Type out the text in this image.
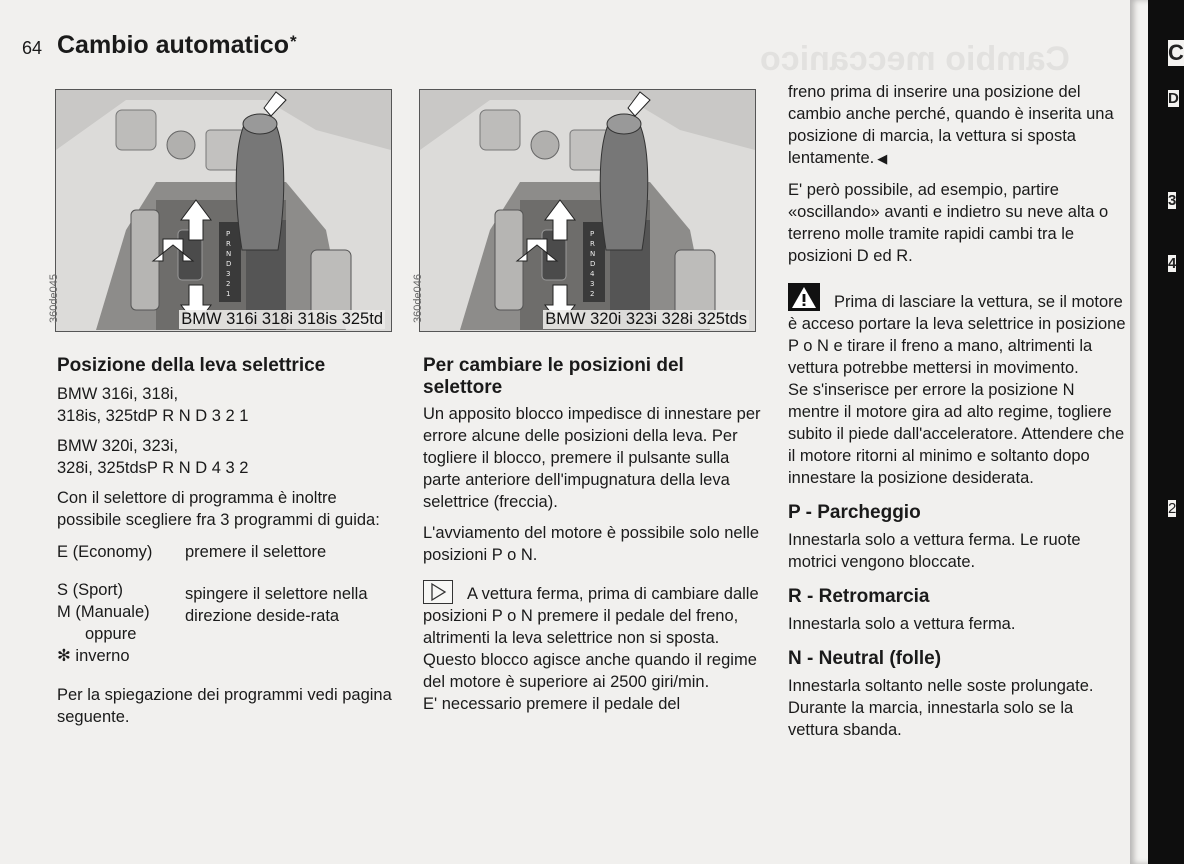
Cambio meccanico
64 Cambio automatico*
P
R
N
D
3
2
1
360de045	BMW 316i 318i 318is 325td
P
R
N
D
4
3
2
360de046	BMW 320i 323i 328i 325tds
Posizione della leva selettrice

BMW 316i, 318i,
318is, 325tdP R N D 3 2 1

BMW 320i, 323i,
328i, 325tdsP R N D 4 3 2

Con il selettore di programma è inoltre possibile scegliere fra 3 programmi di guida:

E (Economy)	premere il selettore

S (Sport)	spingere il selettore nella direzione deside-rata
M (Manuale)	
oppure	
✻ inverno	

Per la spiegazione dei programmi vedi pagina seguente.

Per cambiare le posizioni del selettore

Un apposito blocco impedisce di innestare per errore alcune delle posizioni della leva. Per togliere il blocco, premere il pulsante sulla parte anteriore dell'impugnatura della leva selettrice (freccia).

L'avviamento del motore è possibile solo nelle posizioni P o N.

A vettura ferma, prima di cambiare dalle posizioni P o N premere il pedale del freno, altrimenti la leva selettrice non si sposta.

Questo blocco agisce anche quando il regime del motore è superiore ai 2500 giri/min.

E' necessario premere il pedale del

freno prima di inserire una posizione del cambio anche perché, quando è inserita una posizione di marcia, la vettura si sposta lentamente. ◀

E' però possibile, ad esempio, partire «oscillando» avanti e indietro su neve alta o terreno molle tramite rapidi cambi tra le posizioni D ed R.

Prima di lasciare la vettura, se il motore è acceso portare la leva selettrice in posizione P o N e tirare il freno a mano, altrimenti la vettura potrebbe mettersi in movimento.

Se s'inserisce per errore la posizione N mentre il motore gira ad alto regime, togliere subito il piede dall'acceleratore. Attendere che il motore ritorni al minimo e soltanto dopo innestare la posizione desiderata.

P - Parcheggio

Innestarla solo a vettura ferma. Le ruote motrici vengono bloccate.

R - Retromarcia

Innestarla solo a vettura ferma.

N - Neutral (folle)

Innestarla soltanto nelle soste prolungate. Durante la marcia, innestarla solo se la vettura sbanda.

C
D
3
4
2
